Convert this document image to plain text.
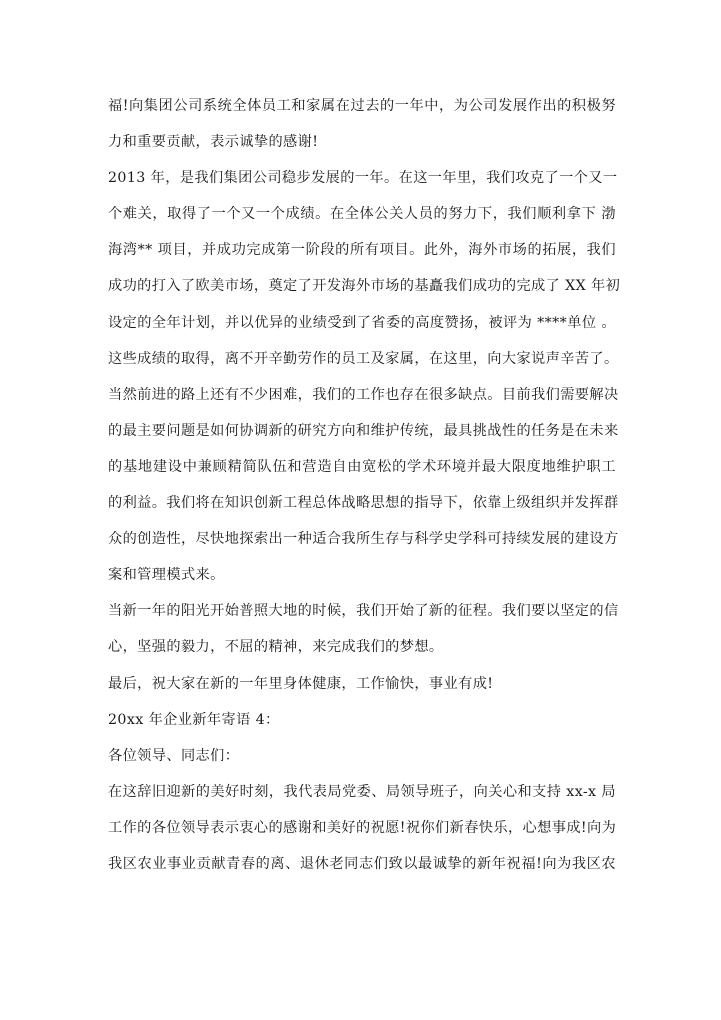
福!向集团公司系统全体员工和家属在过去的一年中，为公司发展作出的积极努
力和重要贡献，表示诚挚的感谢!
2013 年，是我们集团公司稳步发展的一年。在这一年里，我们攻克了一个又一
个难关，取得了一个又一个成绩。在全体公关人员的努力下，我们顺利拿下 渤
海湾** 项目，并成功完成第一阶段的所有项目。此外，海外市场的拓展，我们
成功的打入了欧美市场，奠定了开发海外市场的基矗我们成功的完成了 XX 年初
设定的全年计划，并以优异的业绩受到了省委的高度赞扬，被评为 ****单位 。
这些成绩的取得，离不开辛勤劳作的员工及家属，在这里，向大家说声辛苦了。
当然前进的路上还有不少困难，我们的工作也存在很多缺点。目前我们需要解决
的最主要问题是如何协调新的研究方向和维护传统，最具挑战性的任务是在未来
的基地建设中兼顾精简队伍和营造自由宽松的学术环境并最大限度地维护职工
的利益。我们将在知识创新工程总体战略思想的指导下，依靠上级组织并发挥群
众的创造性，尽快地探索出一种适合我所生存与科学史学科可持续发展的建设方
案和管理模式来。
当新一年的阳光开始普照大地的时候，我们开始了新的征程。我们要以坚定的信
心，坚强的毅力，不屈的精神，来完成我们的梦想。
最后，祝大家在新的一年里身体健康，工作愉快，事业有成!
20xx 年企业新年寄语 4：
各位领导、同志们：
在这辞旧迎新的美好时刻，我代表局党委、局领导班子，向关心和支持 xx-x 局
工作的各位领导表示衷心的感谢和美好的祝愿!祝你们新春快乐，心想事成!向为
我区农业事业贡献青春的离、退休老同志们致以最诚挚的新年祝福!向为我区农
